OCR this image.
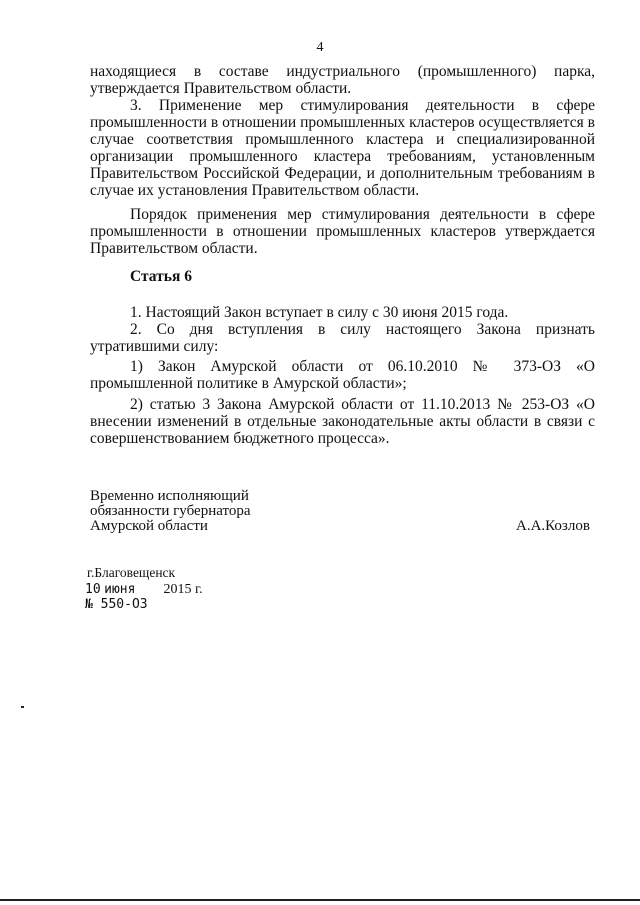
4

находящиеся в составе индустриального (промышленного) парка, утверждается Правительством области.

3. Применение мер стимулирования деятельности в сфере промышленности в отношении промышленных кластеров осуществляется в случае соответствия промышленного кластера и специализированной организации промышленного кластера требованиям, установленным Правительством Российской Федерации, и дополнительным требованиям в случае их установления Правительством области.

Порядок применения мер стимулирования деятельности в сфере промышленности в отношении промышленных кластеров утверждается Правительством области.

Статья 6

1. Настоящий Закон вступает в силу с 30 июня 2015 года.

2. Со дня вступления в силу настоящего Закона признать утратившими силу:

1) Закон Амурской области от 06.10.2010 № 373-ОЗ «О промышленной политике в Амурской области»;

2) статью 3 Закона Амурской области от 11.10.2013 № 253-ОЗ «О внесении изменений в отдельные законодательные акты области в связи с совершенствованием бюджетного процесса».

Временно исполняющий
обязанности губернатора
Амурской области	А.А.Козлов
г.Благовещенск
10 июня 2015 г.
№ 550-ОЗ
